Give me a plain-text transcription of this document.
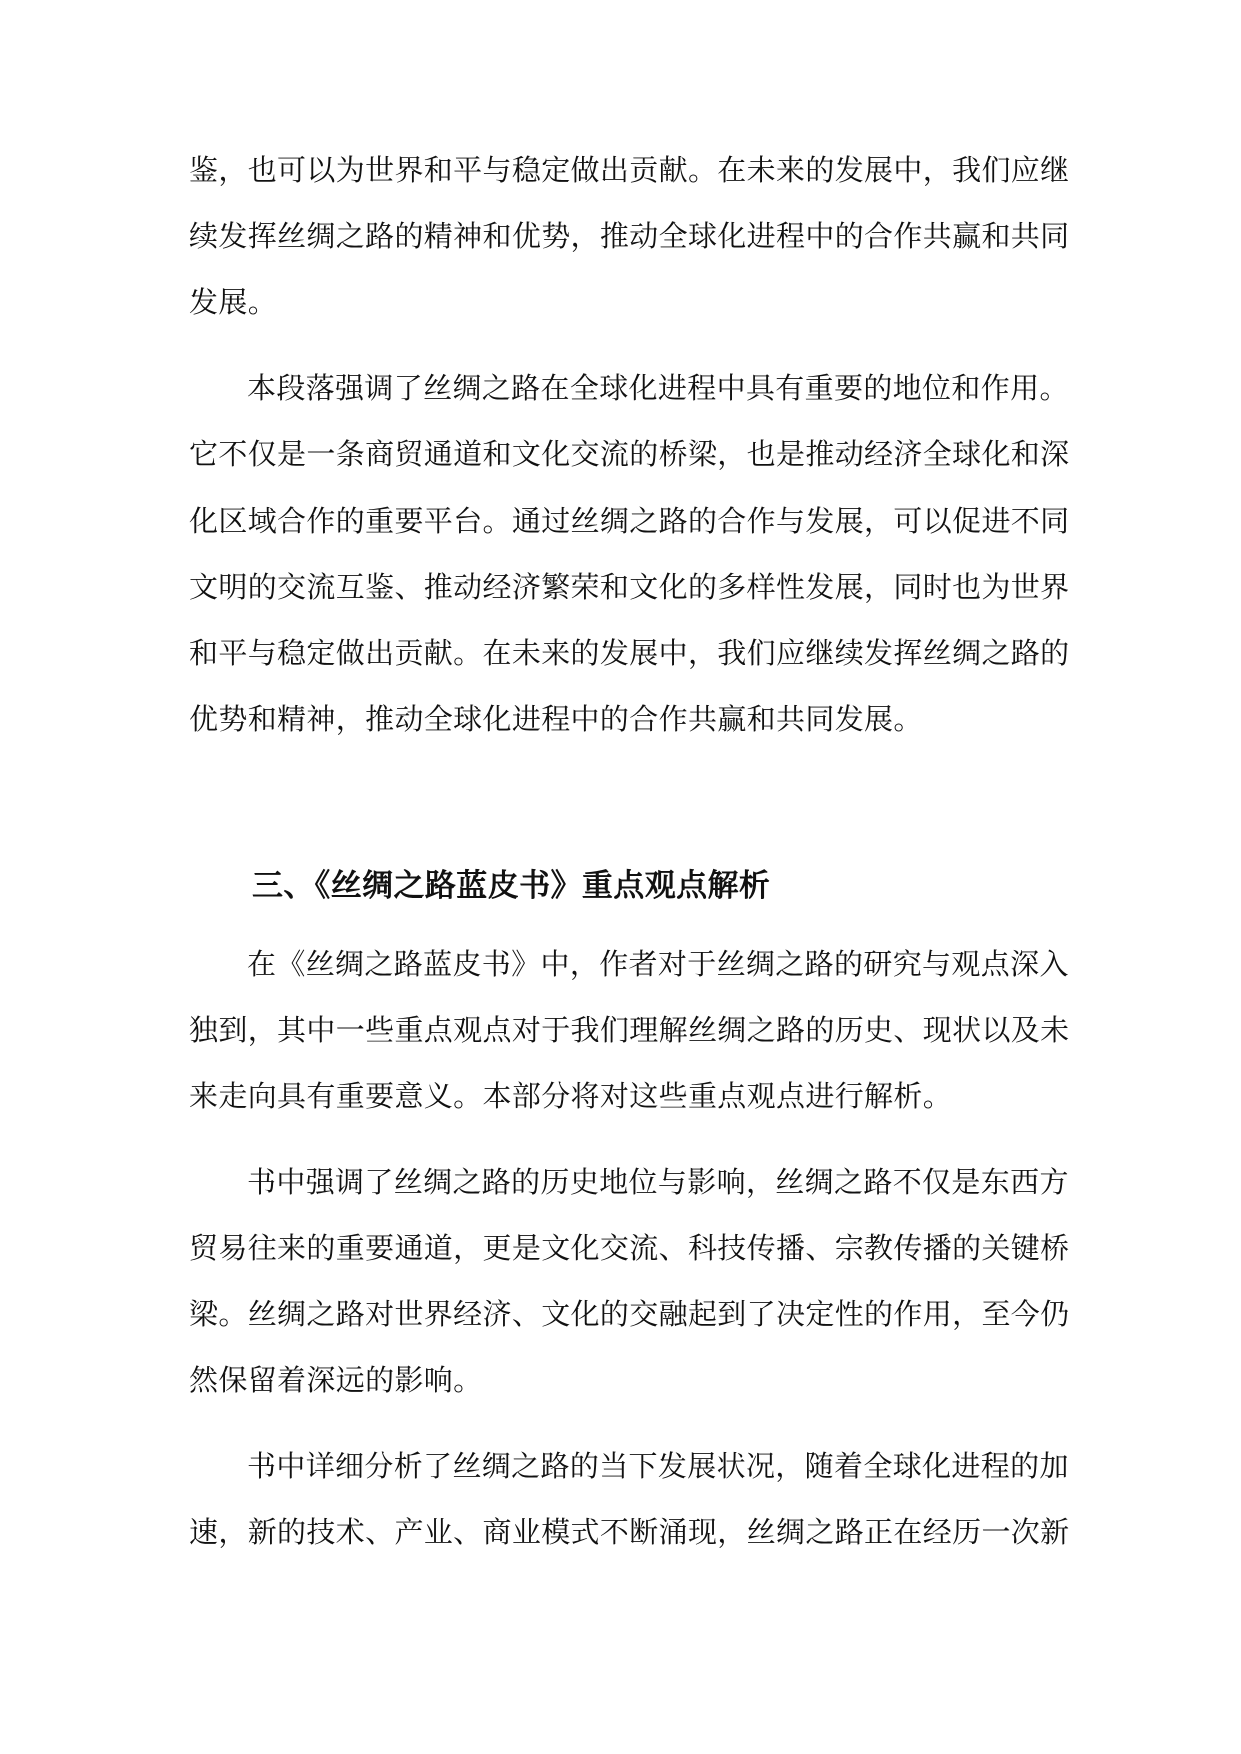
鉴，也可以为世界和平与稳定做出贡献。在未来的发展中，我们应继

续发挥丝绸之路的精神和优势，推动全球化进程中的合作共赢和共同

发展。

本段落强调了丝绸之路在全球化进程中具有重要的地位和作用。

它不仅是一条商贸通道和文化交流的桥梁，也是推动经济全球化和深

化区域合作的重要平台。通过丝绸之路的合作与发展，可以促进不同

文明的交流互鉴、推动经济繁荣和文化的多样性发展，同时也为世界

和平与稳定做出贡献。在未来的发展中，我们应继续发挥丝绸之路的

优势和精神，推动全球化进程中的合作共赢和共同发展。

三、《丝绸之路蓝皮书》重点观点解析

在《丝绸之路蓝皮书》中，作者对于丝绸之路的研究与观点深入

独到，其中一些重点观点对于我们理解丝绸之路的历史、现状以及未

来走向具有重要意义。本部分将对这些重点观点进行解析。

书中强调了丝绸之路的历史地位与影响，丝绸之路不仅是东西方

贸易往来的重要通道，更是文化交流、科技传播、宗教传播的关键桥

梁。丝绸之路对世界经济、文化的交融起到了决定性的作用，至今仍

然保留着深远的影响。

书中详细分析了丝绸之路的当下发展状况，随着全球化进程的加

速，新的技术、产业、商业模式不断涌现，丝绸之路正在经历一次新
